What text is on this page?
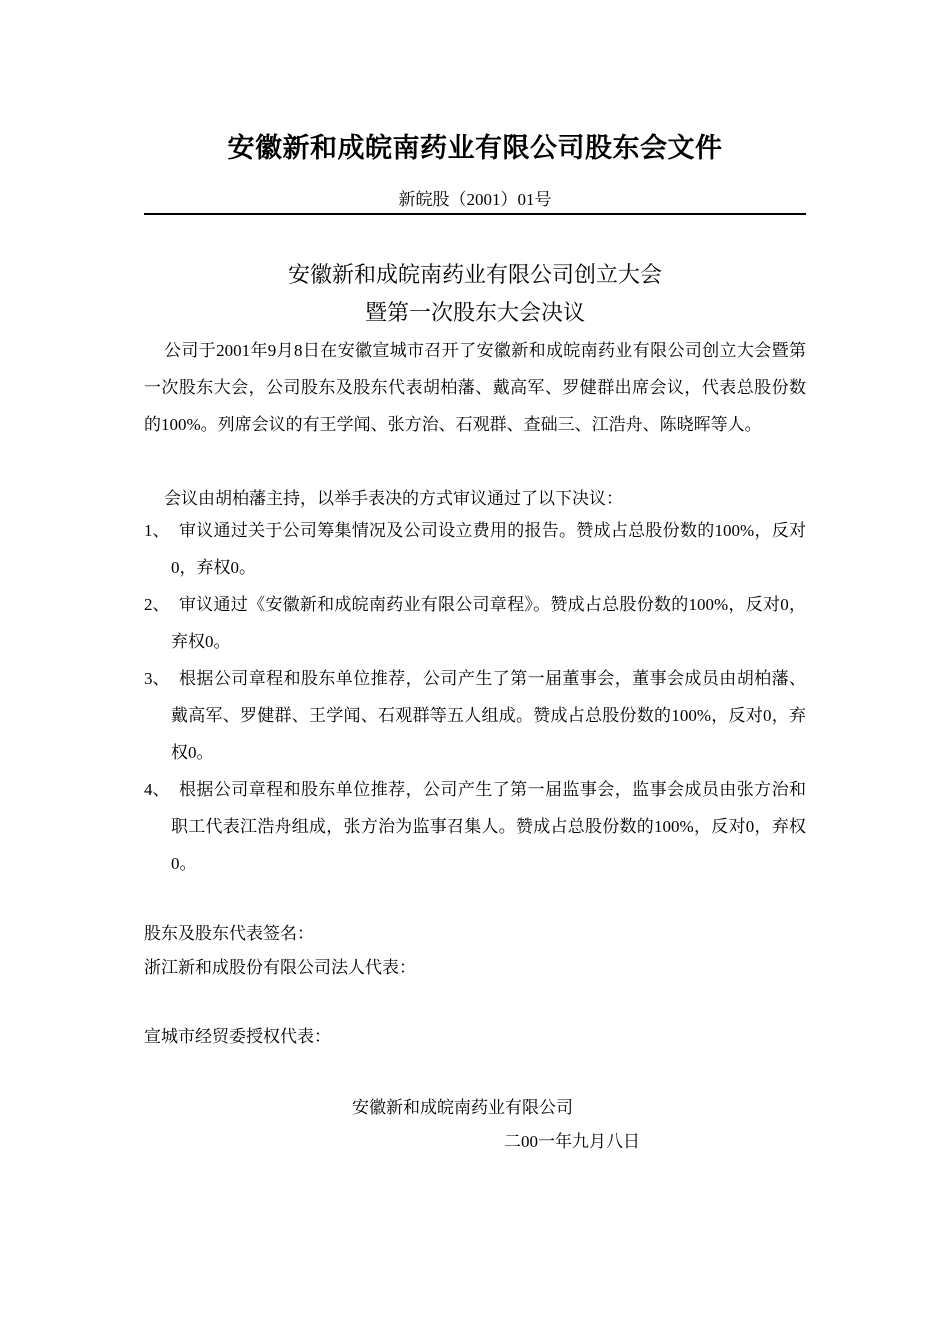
安徽新和成皖南药业有限公司股东会文件
新皖股（2001）01号
安徽新和成皖南药业有限公司创立大会
暨第一次股东大会决议
公司于2001年9月8日在安徽宣城市召开了安徽新和成皖南药业有限公司创立大会暨第一次股东大会，公司股东及股东代表胡柏藩、戴高军、罗健群出席会议，代表总股份数的100%。列席会议的有王学闻、张方治、石观群、查础三、江浩舟、陈晓晖等人。
会议由胡柏藩主持，以举手表决的方式审议通过了以下决议：
1、 审议通过关于公司筹集情况及公司设立费用的报告。赞成占总股份数的100%，反对0，弃权0。
2、 审议通过《安徽新和成皖南药业有限公司章程》。赞成占总股份数的100%，反对0，弃权0。
3、 根据公司章程和股东单位推荐，公司产生了第一届董事会，董事会成员由胡柏藩、戴高军、罗健群、王学闻、石观群等五人组成。赞成占总股份数的100%，反对0，弃权0。
4、 根据公司章程和股东单位推荐，公司产生了第一届监事会，监事会成员由张方治和职工代表江浩舟组成，张方治为监事召集人。赞成占总股份数的100%，反对0，弃权0。
股东及股东代表签名：
浙江新和成股份有限公司法人代表：
宣城市经贸委授权代表：
安徽新和成皖南药业有限公司
二00一年九月八日
